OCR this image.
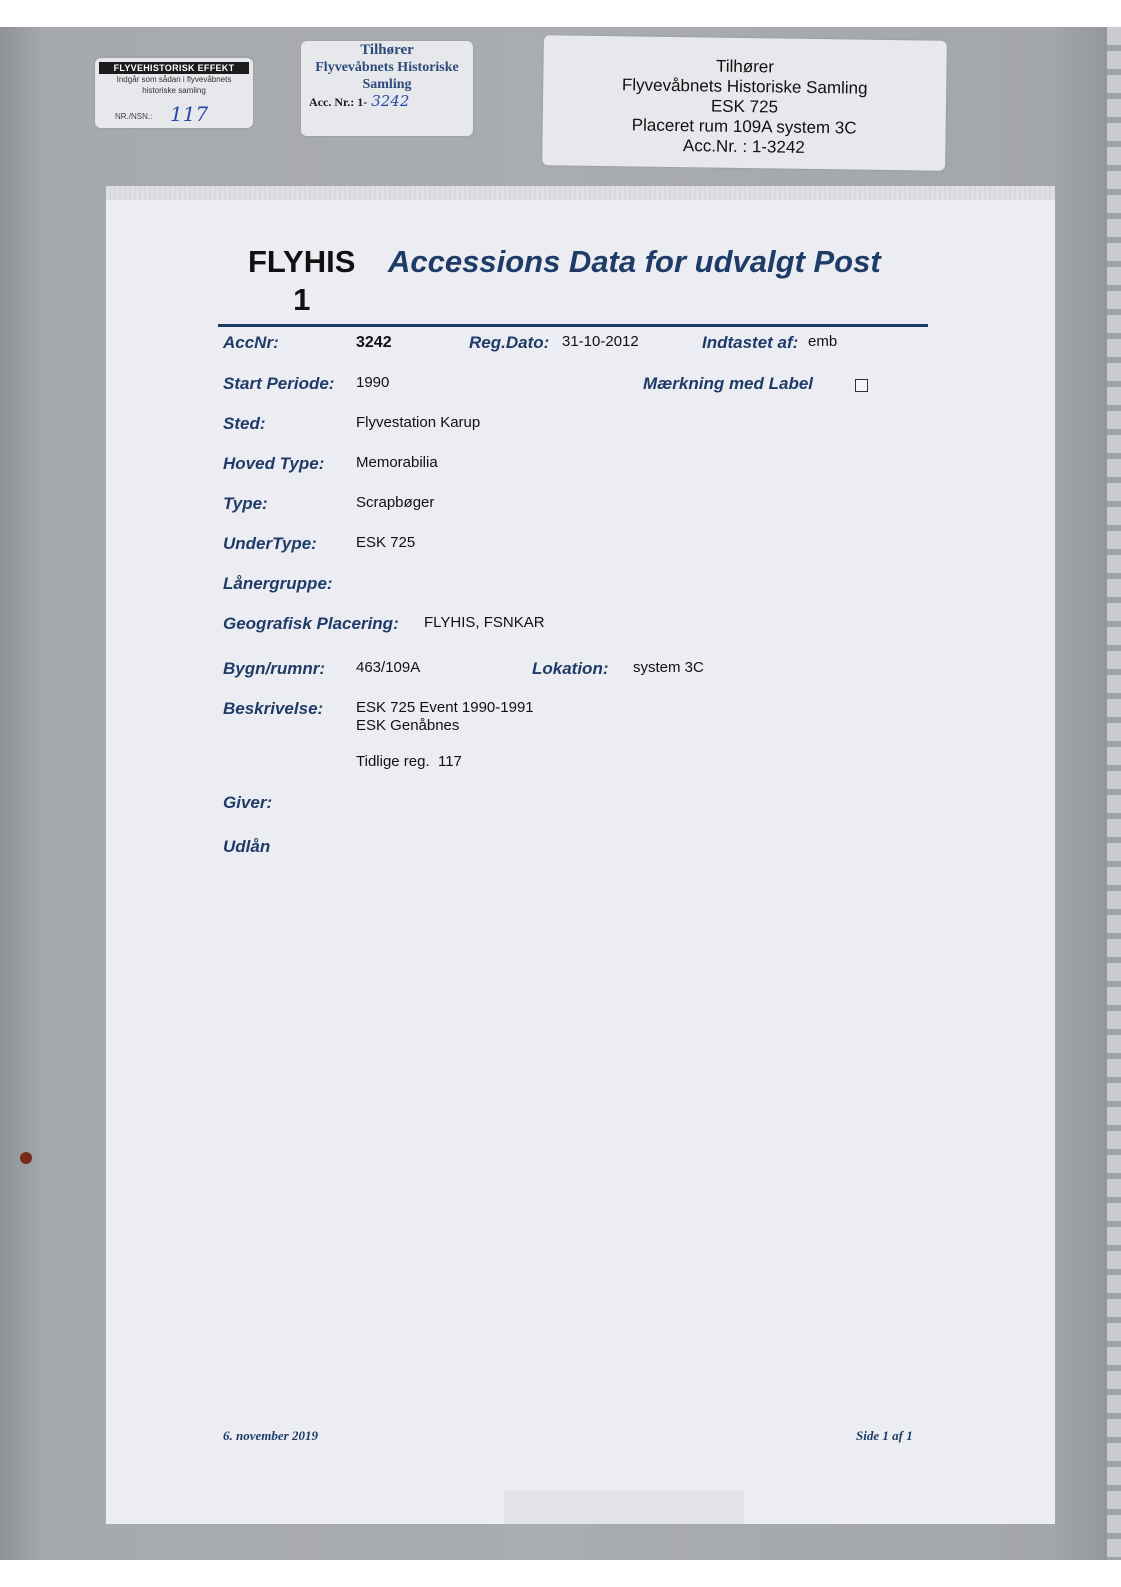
FLYVEHISTORISK EFFEKT
Indgår som sådan i flyvevåbnets
historiske samling
NR./NSN.: 117
Tilhører
Flyvevåbnets Historiske
Samling
Acc. Nr.: 1- 3242
Tilhører
Flyvevåbnets Historiske Samling
ESK 725
Placeret rum 109A system 3C
Acc.Nr. : 1-3242
FLYHIS
1
Accessions Data for udvalgt Post
AccNr:	3242	Reg.Dato: 31-10-2012	Indtastet af: emb
Start Periode: 1990	Mærkning med Label
Sted:	Flyvestation Karup
Hoved Type: Memorabilia
Type:	Scrapbøger
UnderType:	ESK 725
Lånergruppe:
Geografisk Placering: FLYHIS, FSNKAR
Bygn/rumnr: 463/109A	Lokation: system 3C
Beskrivelse: ESK 725 Event 1990-1991
ESK Genåbnes
Tidlige reg.  117
Giver:
Udlån
6. november 2019	Side 1 af 1
